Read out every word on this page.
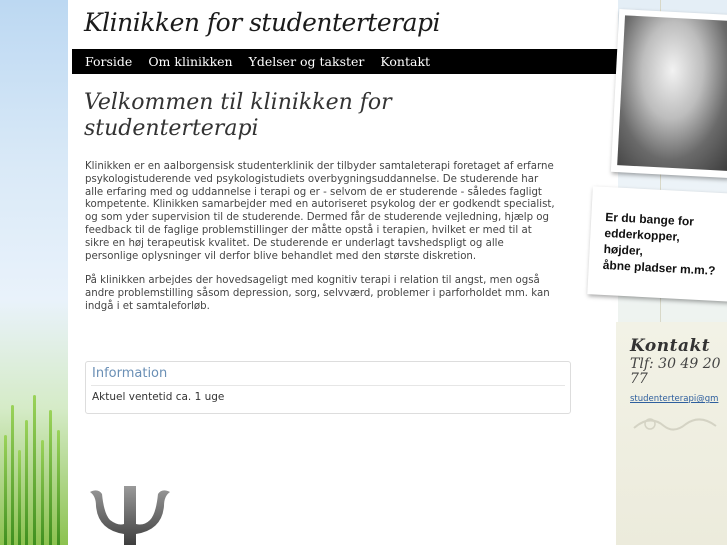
Klinikken for studenterterapi
Forside	Om klinikken	Ydelser og takster	Kontakt
Velkommen til klinikken for studenterterapi

Klinikken er en aalborgensisk studenterklinik der tilbyder samtaleterapi foretaget af erfarne psykologistuderende ved psykologistudiets overbygningsuddannelse. De studerende har alle erfaring med og uddannelse i terapi og er - selvom de er studerende - således fagligt kompetente. Klinikken samarbejder med en autoriseret psykolog der er godkendt specialist, og som yder supervision til de studerende. Dermed får de studerende vejledning, hjælp og feedback til de faglige problemstillinger der måtte opstå i terapien, hvilket er med til at sikre en høj terapeutisk kvalitet. De studerende er underlagt tavshedspligt og alle personlige oplysninger vil derfor blive behandlet med den største diskretion.

På klinikken arbejdes der hovedsageligt med kognitiv terapi i relation til angst, men også andre problemstilling såsom depression, sorg, selvværd, problemer i parforholdet mm. kan indgå i et samtaleforløb.

Information
Aktuel ventetid ca. 1 uge
Er du bange for
edderkopper,
højder,
åbne pladser m.m.?
Kontakt
Tlf: 30 49 20 77
studenterterapi@gm
